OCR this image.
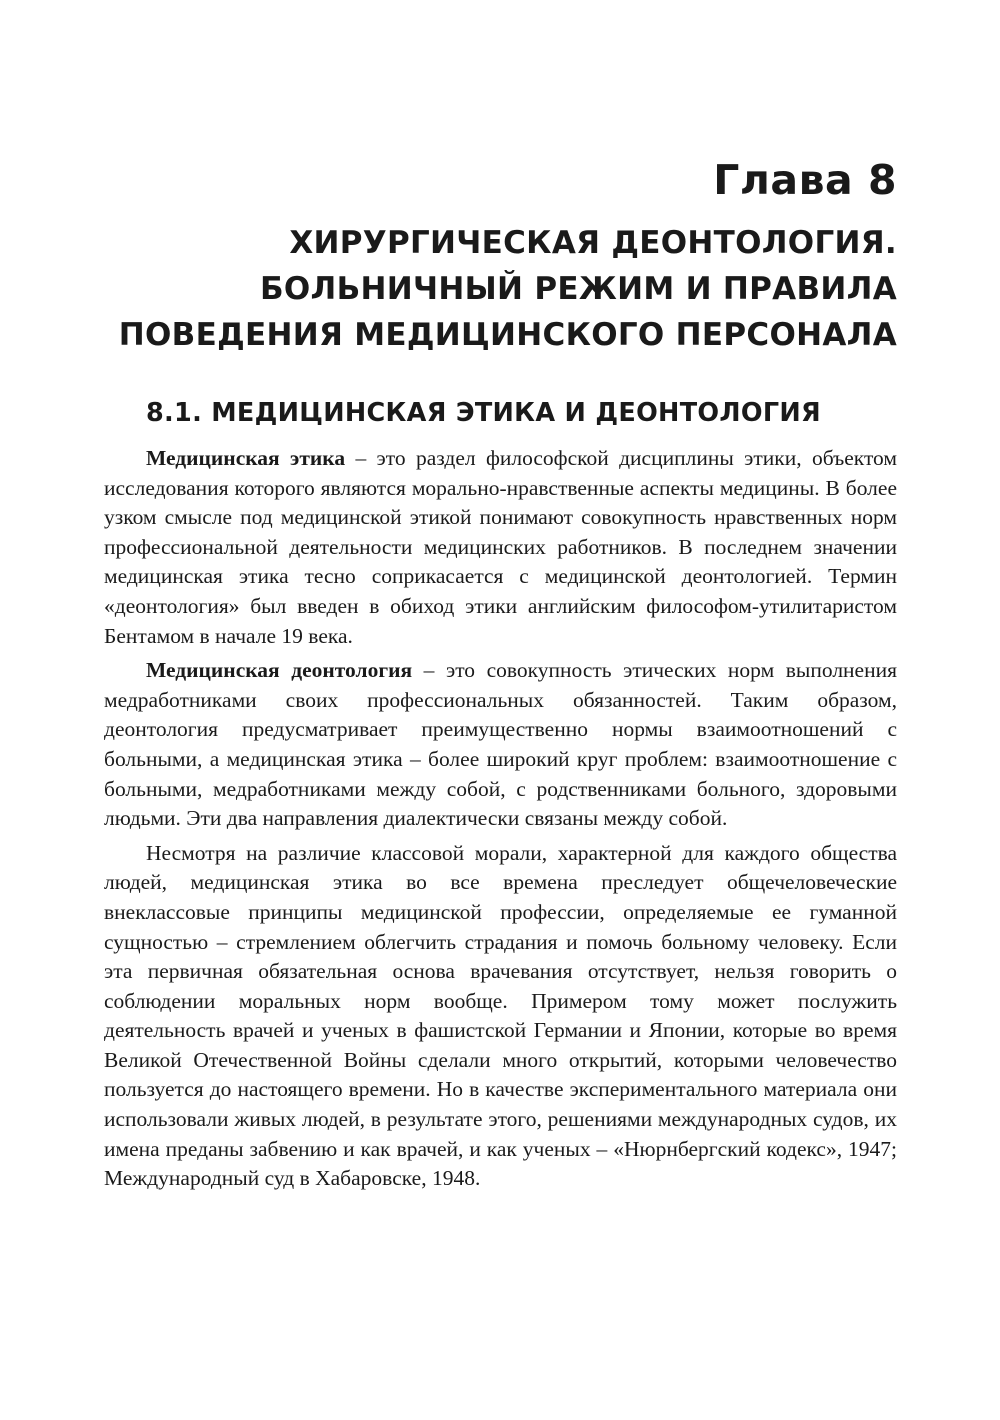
Глава 8
ХИРУРГИЧЕСКАЯ ДЕОНТОЛОГИЯ.
БОЛЬНИЧНЫЙ РЕЖИМ И ПРАВИЛА
ПОВЕДЕНИЯ МЕДИЦИНСКОГО ПЕРСОНАЛА
8.1. МЕДИЦИНСКАЯ ЭТИКА И ДЕОНТОЛОГИЯ

Медицинская этика – это раздел философской дисциплины этики, объектом исследования которого являются морально-нравственные аспекты медицины. В более узком смысле под медицинской этикой понимают совокупность нравственных норм профессиональной деятельности медицинских работников. В последнем значении медицинская этика тесно соприкасается с медицинской деонтологией. Термин «деонтология» был введен в обиход этики английским философом-утилитаристом Бентамом в начале 19 века.

Медицинская деонтология – это совокупность этических норм выполнения медработниками своих профессиональных обязанностей. Таким образом, деонтология предусматривает преимущественно нормы взаимоотношений с больными, а медицинская этика – более широкий круг проблем: взаимоотношение с больными, медработниками между собой, с родственниками больного, здоровыми людьми. Эти два направления диалектически связаны между собой.

Несмотря на различие классовой морали, характерной для каждого общества людей, медицинская этика во все времена преследует общечеловеческие внеклассовые принципы медицинской профессии, определяемые ее гуманной сущностью – стремлением облегчить страдания и помочь больному человеку. Если эта первичная обязательная основа врачевания отсутствует, нельзя говорить о соблюдении моральных норм вообще. Примером тому может послужить деятельность врачей и ученых в фашистской Германии и Японии, которые во время Великой Отечественной Войны сделали много открытий, которыми человечество пользуется до настоящего времени. Но в качестве экспериментального материала они использовали живых людей, в результате этого, решениями международных судов, их имена преданы забвению и как врачей, и как ученых – «Нюрнбергский кодекс», 1947; Международный суд в Хабаровске, 1948.
